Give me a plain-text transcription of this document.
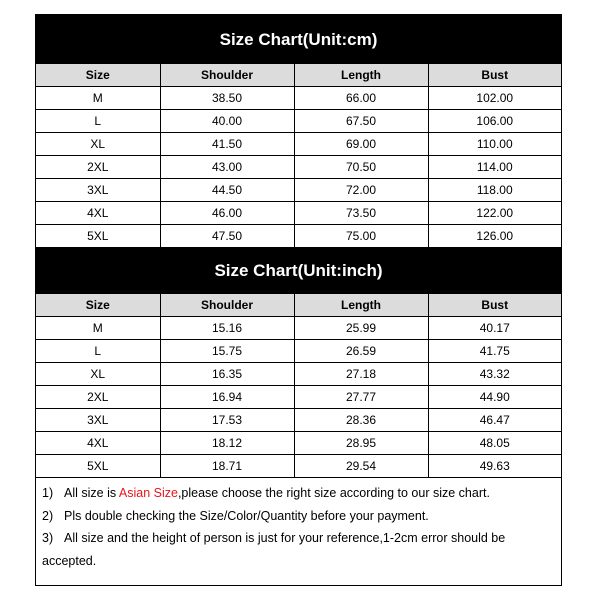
Size Chart(Unit:cm)
Size	Shoulder	Length	Bust
M	38.50	66.00	102.00
L	40.00	67.50	106.00
XL	41.50	69.00	110.00
2XL	43.00	70.50	114.00
3XL	44.50	72.00	118.00
4XL	46.00	73.50	122.00
5XL	47.50	75.00	126.00
Size Chart(Unit:inch)
Size	Shoulder	Length	Bust
M	15.16	25.99	40.17
L	15.75	26.59	41.75
XL	16.35	27.18	43.32
2XL	16.94	27.77	44.90
3XL	17.53	28.36	46.47
4XL	18.12	28.95	48.05
5XL	18.71	29.54	49.63
1) All size is Asian Size,please choose the right size according to our size chart.
2) Pls double checking the Size/Color/Quantity before your payment.
3) All size and the height of person is just for your reference,1-2cm error should be accepted.
